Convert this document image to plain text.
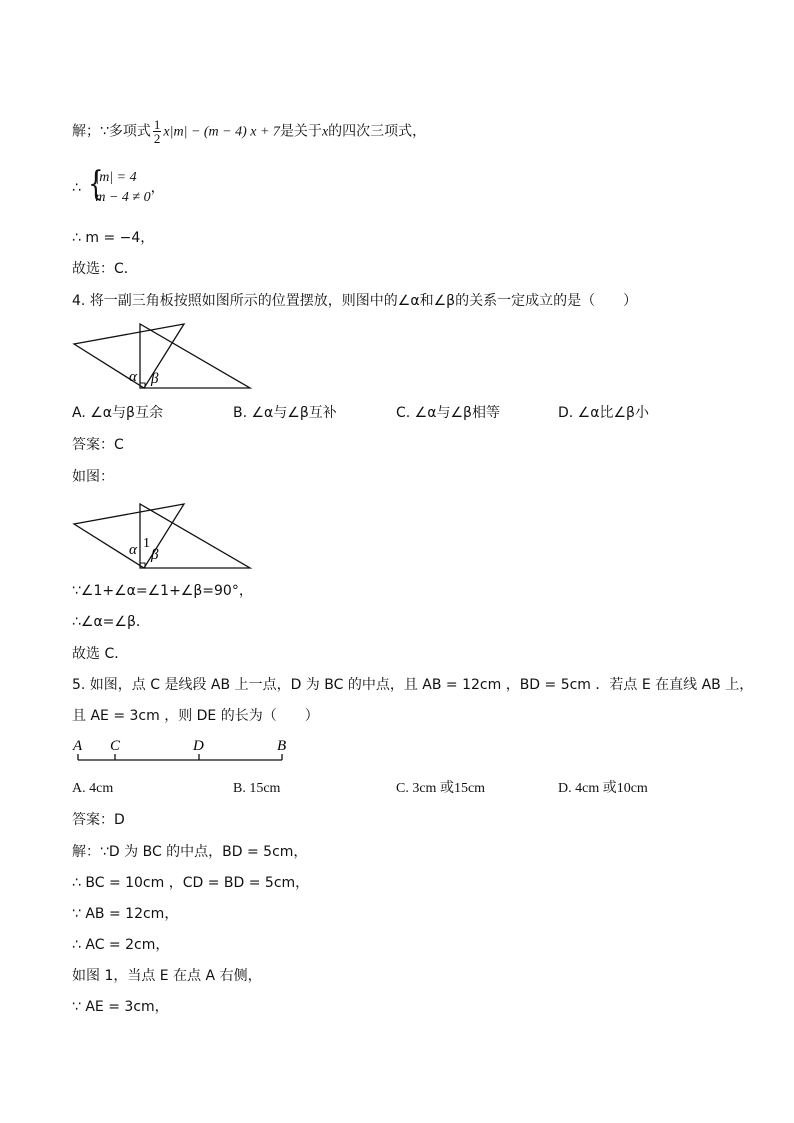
解；∵多项式 $\frac{1}{2} x|m| - (m - 4) x + 7$是关于x的四次三项式，
∴ {
|m| = 4
m − 4 ≠ 0
，
∴ m = −4，
故选：C．
4. 将一副三角板按照如图所示的位置摆放，则图中的∠α和∠β的关系一定成立的是（　　）
α β
A. ∠α与β互余	B. ∠α与∠β互补	C. ∠α与∠β相等	D. ∠α比∠β小
答案：C
如图：
α 1
β
∵∠1+∠α=∠1+∠β=90°，
∴∠α=∠β．
故选 C．
5. 如图，点 C 是线段 AB 上一点，D 为 BC 的中点，且 AB = 12cm ，BD = 5cm ．若点 E 在直线 AB 上，
且 AE = 3cm ，则 DE 的长为（　　）
A C	D	B
A. 4cm	B. 15cm	C. 3cm 或15cm	D. 4cm 或10cm
答案：D
解：∵D 为 BC 的中点，BD = 5cm，
∴ BC = 10cm ，CD = BD = 5cm，
∵ AB = 12cm，
∴ AC = 2cm，
如图 1，当点 E 在点 A 右侧，
∵ AE = 3cm，
